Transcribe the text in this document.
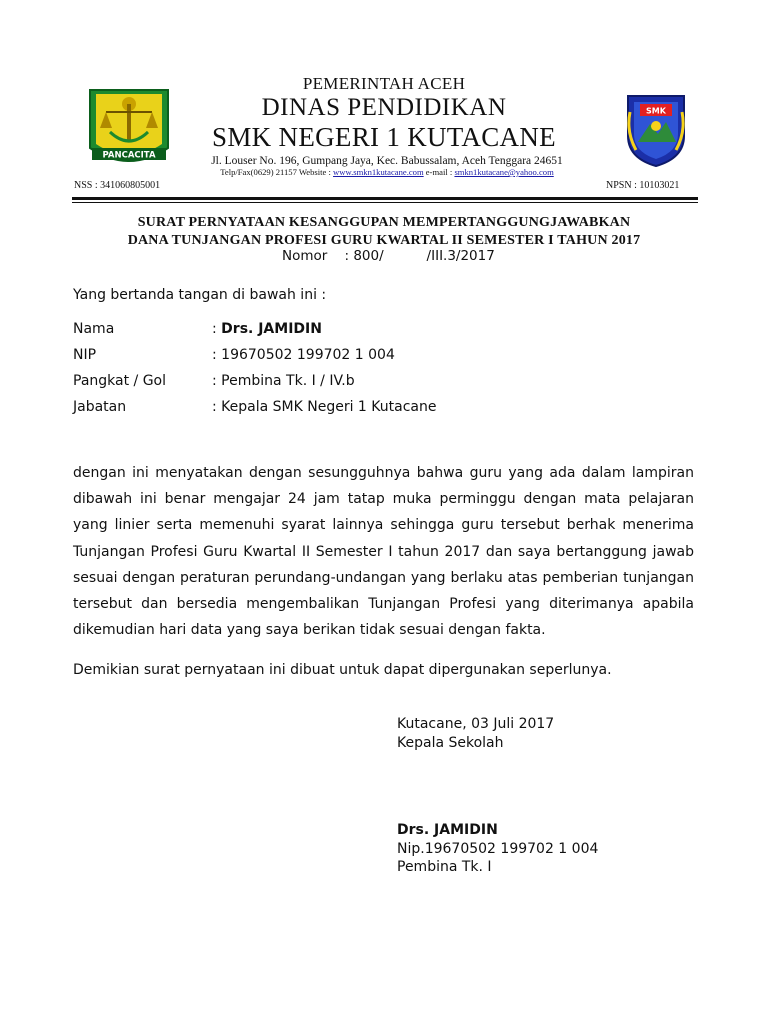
PANCACITA
SMK
PEMERINTAH ACEH
DINAS PENDIDIKAN
SMK NEGERI 1 KUTACANE
Jl. Louser No. 196, Gumpang Jaya, Kec. Babussalam, Aceh Tenggara 24651
Telp/Fax(0629) 21157 Website : www.smkn1kutacane.com e-mail : smkn1kutacane@yahoo.com
NSS : 341060805001	NPSN : 10103021
SURAT PERNYATAAN KESANGGUPAN MEMPERTANGGUNGJAWABKAN
DANA TUNJANGAN PROFESI GURU KWARTAL II SEMESTER I TAHUN 2017
Nomor    : 800/          /III.3/2017
Yang bertanda tangan di bawah ini :
Nama	: Drs. JAMIDIN
NIP	: 19670502 199702 1 004
Pangkat / Gol	: Pembina Tk. I / IV.b
Jabatan	: Kepala SMK Negeri 1 Kutacane
dengan ini menyatakan dengan sesungguhnya bahwa guru yang ada dalam lampiran dibawah ini benar mengajar 24 jam tatap muka perminggu dengan mata pelajaran yang linier serta memenuhi syarat lainnya sehingga guru tersebut berhak menerima Tunjangan Profesi Guru Kwartal II Semester I tahun 2017 dan saya bertanggung jawab sesuai dengan peraturan perundang-undangan yang berlaku atas pemberian tunjangan tersebut dan bersedia mengembalikan Tunjangan Profesi yang diterimanya apabila dikemudian hari data yang saya berikan tidak sesuai dengan fakta.
Demikian surat pernyataan ini dibuat untuk dapat dipergunakan seperlunya.
Kutacane, 03 Juli 2017
Kepala Sekolah
Drs. JAMIDIN
Nip.19670502 199702 1 004
Pembina Tk. I
